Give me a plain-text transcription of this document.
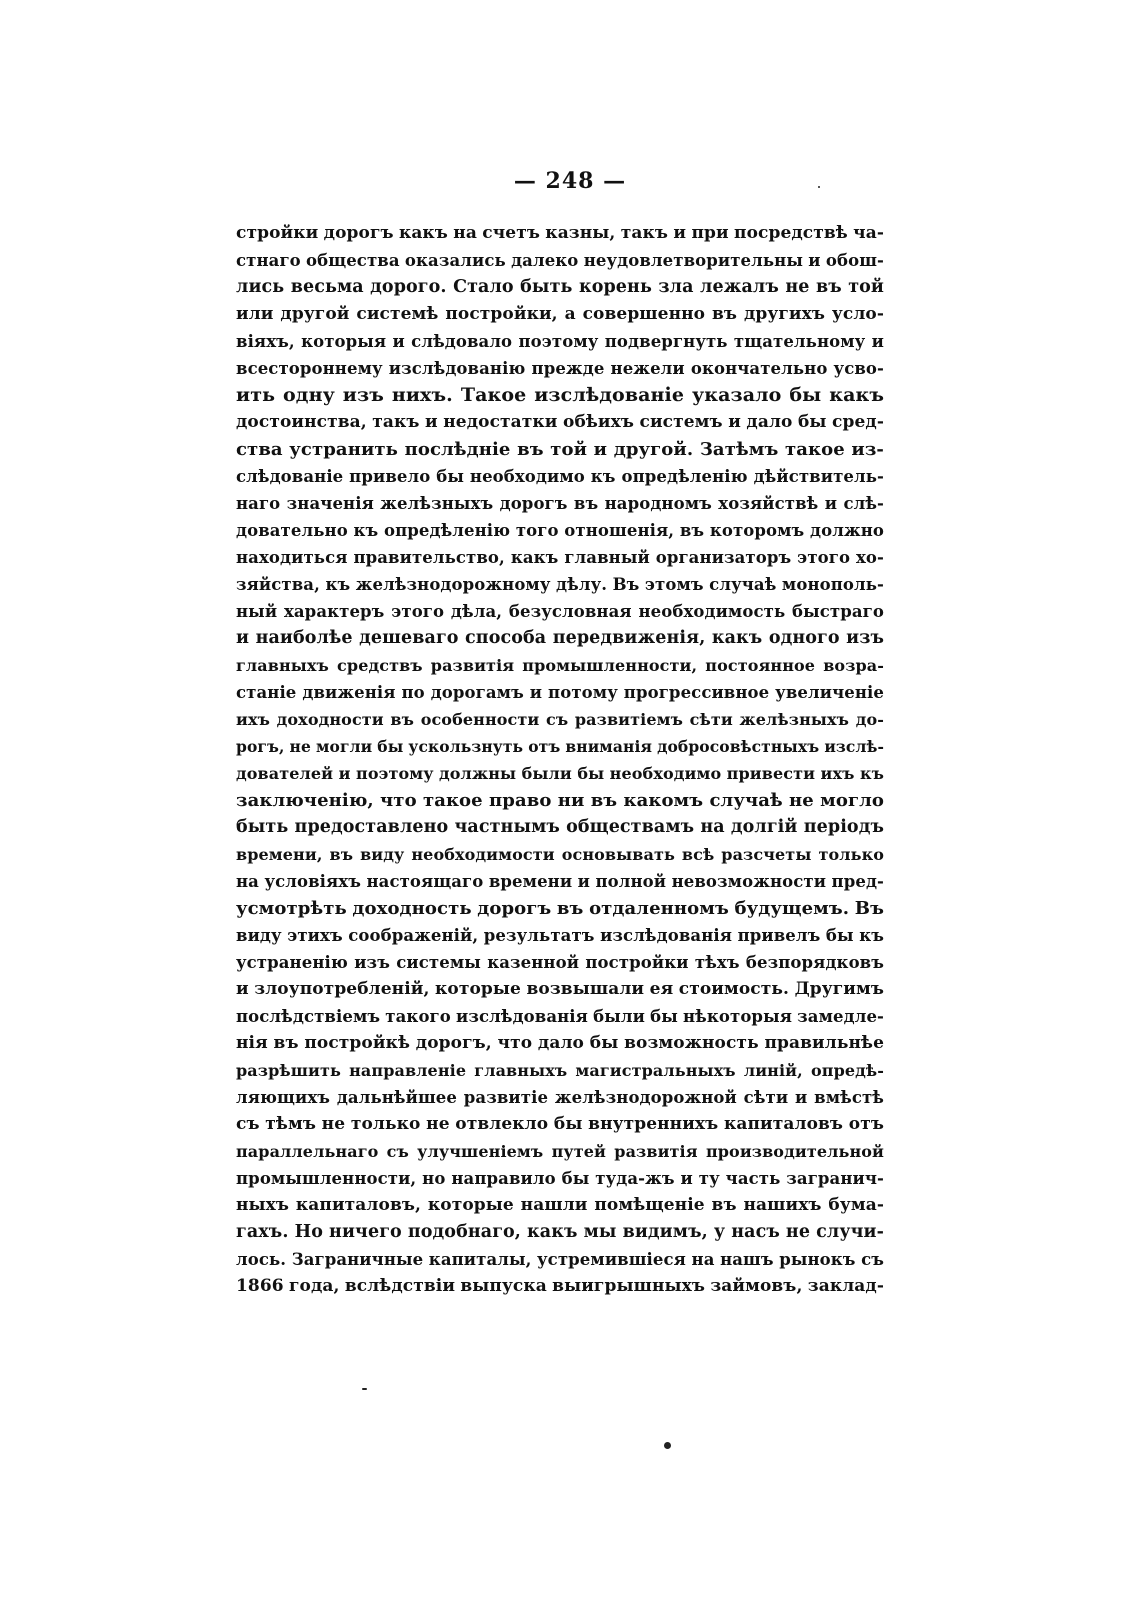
— 248 —
стройки дорогъ какъ на счетъ казны, такъ и при посредствѣ ча-
стнаго общества оказались далеко неудовлетворительны и обош-
лись весьма дорого. Стало быть корень зла лежалъ не въ той
или другой системѣ постройки, а совершенно въ другихъ усло-
віяхъ, которыя и слѣдовало поэтому подвергнуть тщательному и
всестороннему изслѣдованію прежде нежели окончательно усво-
ить одну изъ нихъ. Такое изслѣдованіе указало бы какъ
достоинства, такъ и недостатки обѣихъ системъ и дало бы сред-
ства устранить послѣдніе въ той и другой. Затѣмъ такое из-
слѣдованіе привело бы необходимо къ опредѣленію дѣйствитель-
наго значенія желѣзныхъ дорогъ въ народномъ хозяйствѣ и слѣ-
довательно къ опредѣленію того отношенія, въ которомъ должно
находиться правительство, какъ главный организаторъ этого хо-
зяйства, къ желѣзнодорожному дѣлу. Въ этомъ случаѣ монополь-
ный характеръ этого дѣла, безусловная необходимость быстраго
и наиболѣе дешеваго способа передвиженія, какъ одного изъ
главныхъ средствъ развитія промышленности, постоянное возра-
станіе движенія по дорогамъ и потому прогрессивное увеличеніе
ихъ доходности въ особенности съ развитіемъ сѣти желѣзныхъ до-
рогъ, не могли бы ускользнуть отъ вниманія добросовѣстныхъ изслѣ-
дователей и поэтому должны были бы необходимо привести ихъ къ
заключенію, что такое право ни въ какомъ случаѣ не могло
быть предоставлено частнымъ обществамъ на долгій періодъ
времени, въ виду необходимости основывать всѣ разсчеты только
на условіяхъ настоящаго времени и полной невозможности пред-
усмотрѣть доходность дорогъ въ отдаленномъ будущемъ. Въ
виду этихъ соображеній, результатъ изслѣдованія привелъ бы къ
устраненію изъ системы казенной постройки тѣхъ безпорядковъ
и злоупотребленій, которые возвышали ея стоимость. Другимъ
послѣдствіемъ такого изслѣдованія были бы нѣкоторыя замедле-
нія въ постройкѣ дорогъ, что дало бы возможность правильнѣе
разрѣшить направленіе главныхъ магистральныхъ линій, опредѣ-
ляющихъ дальнѣйшее развитіе желѣзнодорожной сѣти и вмѣстѣ
съ тѣмъ не только не отвлекло бы внутреннихъ капиталовъ отъ
параллельнаго съ улучшеніемъ путей развитія производительной
промышленности, но направило бы туда-жъ и ту часть загранич-
ныхъ капиталовъ, которые нашли помѣщеніе въ нашихъ бума-
гахъ. Но ничего подобнаго, какъ мы видимъ, у насъ не случи-
лось. Заграничные капиталы, устремившіеся на нашъ рынокъ съ
1866 года, вслѣдствіи выпуска выигрышныхъ займовъ, заклад-
